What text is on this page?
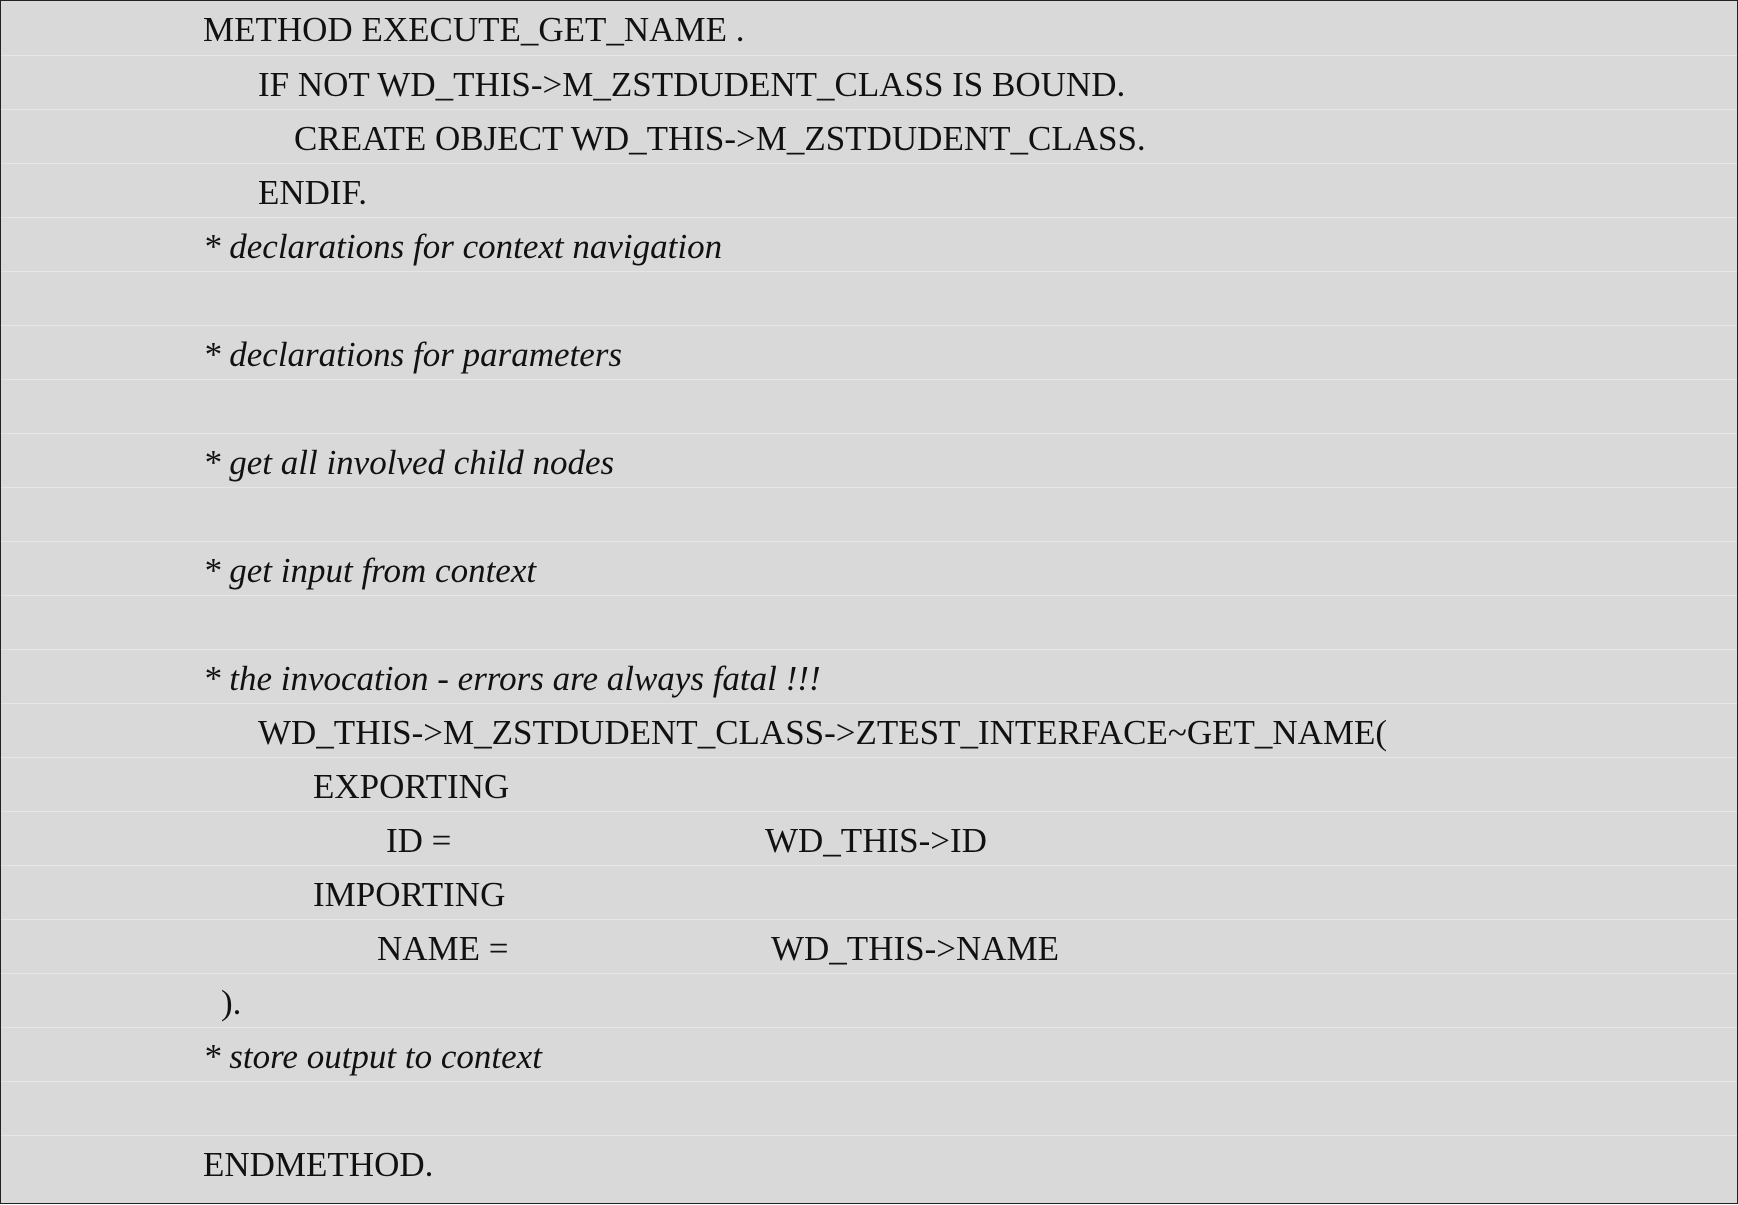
METHOD EXECUTE_GET_NAME .
IF NOT WD_THIS->M_ZSTDUDENT_CLASS IS BOUND.
CREATE OBJECT WD_THIS->M_ZSTDUDENT_CLASS.
ENDIF.
* declarations for context navigation
* declarations for parameters
* get all involved child nodes
* get input from context
* the invocation - errors are always fatal !!!
WD_THIS->M_ZSTDUDENT_CLASS->ZTEST_INTERFACE~GET_NAME(
EXPORTING
ID =	WD_THIS->ID
IMPORTING
NAME =	WD_THIS->NAME
).
* store output to context
ENDMETHOD.
